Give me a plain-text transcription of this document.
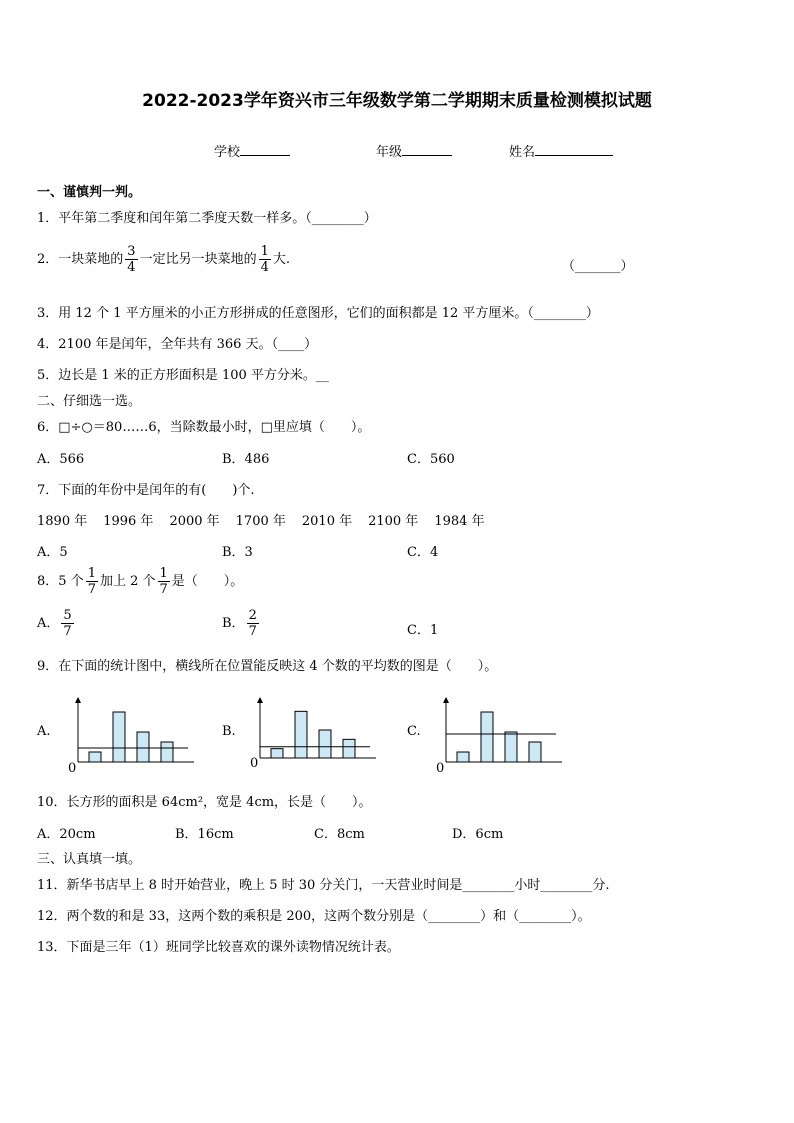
2022-2023学年资兴市三年级数学第二学期期末质量检测模拟试题
学校	年级	姓名
一、谨慎判一判。
1．平年第二季度和闰年第二季度天数一样多。（________）
2．一块菜地的 $\frac{3}{4}$ 一定比另一块菜地的 $\frac{1}{4}$ 大.	（_______）
3．用 12 个 1 平方厘米的小正方形拼成的任意图形，它们的面积都是 12 平方厘米。（________）
4．2100 年是闰年，全年共有 366 天。（____）
5．边长是 1 米的正方形面积是 100 平方分米。__
二、仔细选一选。
6．□÷○＝80……6，当除数最小时，□里应填（　　）。
A．566	B．486	C．560
7．下面的年份中是闰年的有(　　)个.
1890 年 1996 年 2000 年 1700 年 2010 年 2100 年 1984 年
A．5	B．3	C．4
8．5 个 $\frac{1}{7}$ 加上 2 个 $\frac{1}{7}$ 是（　　）。
A． $\frac{5}{7}$	B． $\frac{2}{7}$	C．1
9．在下面的统计图中，横线所在位置能反映这 4 个数的平均数的图是（　　）。
A.	B.	C.
0	0	0
10．长方形的面积是 64cm²，宽是 4cm，长是（　　）。
A．20cm	B．16cm	C．8cm	D．6cm
三、认真填一填。
11．新华书店早上 8 时开始营业，晚上 5 时 30 分关门，一天营业时间是________小时________分.
12．两个数的和是 33，这两个数的乘积是 200，这两个数分别是（________）和（________）。
13．下面是三年（1）班同学比较喜欢的课外读物情况统计表。
